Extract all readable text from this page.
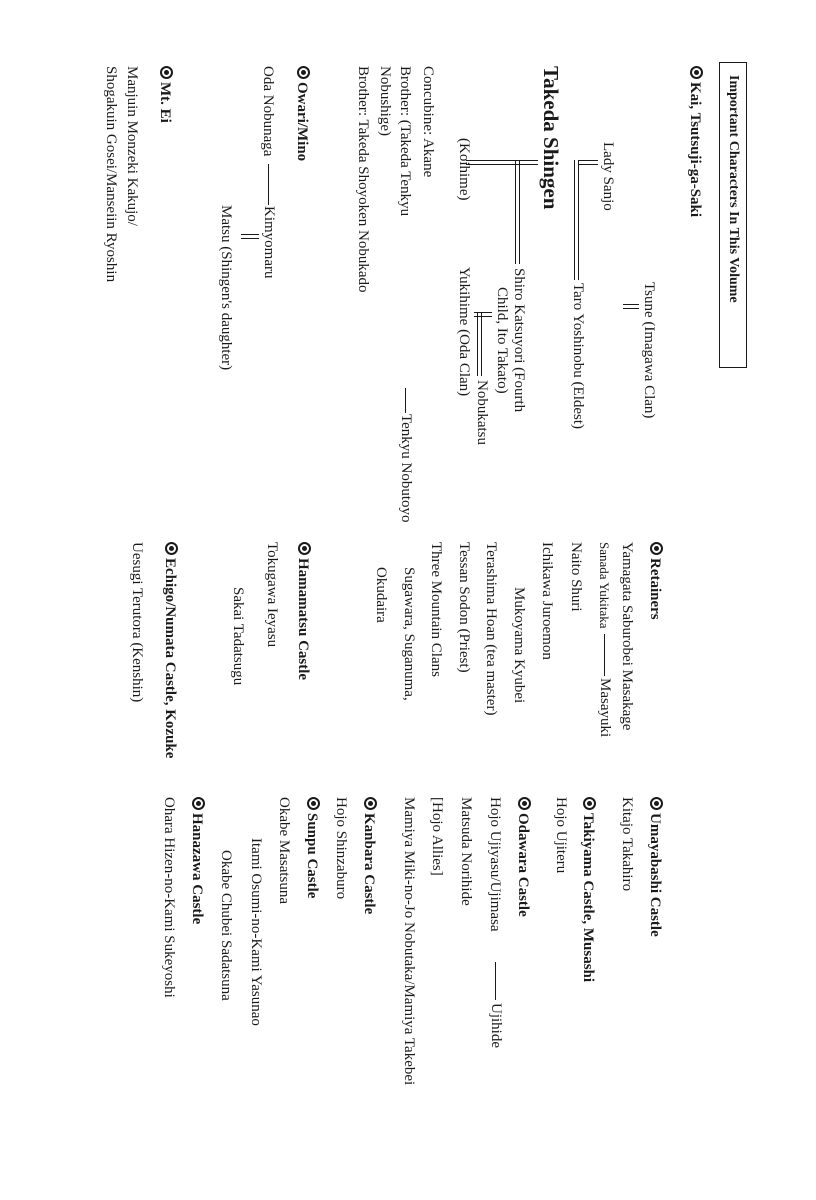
Important Characters In This Volume
Kai, Tsutsuji-ga-Saki
Tsune (Imagawa Clan)
Lady Sanjo
Taro Yoshinobu (Eldest)
Takeda Shingen
Shiro Katsuyori (Fourth
Child, Ito Takato)
Nobukatsu
(Koihime)
Yukihime (Oda Clan)
Concubine: Akane
Brother: (Takeda Tenkyu
Tenkyu Nobutoyo
Nobushige)
Brother: Takeda Shoyoken Nobukado
Owari/Mino
Oda Nobunaga
Kimyomaru
Matsu (Shingen's daughter)
Mt. Ei
Manjuin Monzeki Kakujo/
Shogakuin Gosei/Manseiin Ryoshin
Retainers
Yamagata Saburobei Masakage
Sanada Yukitaka
Masayuki
Naito Shuri
Ichikawa Juroemon
Mukoyama Kyubei
Terashima Hoan (tea master)
Tessan Sodon (Priest)
Three Mountain Clans
Sugawara, Suganuma,
Okudaira
Hamamatsu Castle
Tokugawa Ieyasu
Sakai Tadatsugu
Echigo/Numata Castle, Kozuke
Uesugi Terutora (Kenshin)
Umayabashi Castle
Kitajo Takahiro
Takiyama Castle, Musashi
Hojo Ujiteru
Odawara Castle
Hojo Ujiyasu/Ujimasa
Ujihide
Matsuda Norihide
[Hojo Allies]
Mamiya Miki-no-Jo Nobutaka/Mamiya Takebei
Kanbara Castle
Hojo Shinzaburo
Sunpu Castle
Okabe Masatsuna
Itami Osumi-no-Kami Yasunao
Okabe Chubei Sadatsuna
Hanazawa Castle
Ohara Hizen-no-Kami Sukeyoshi
